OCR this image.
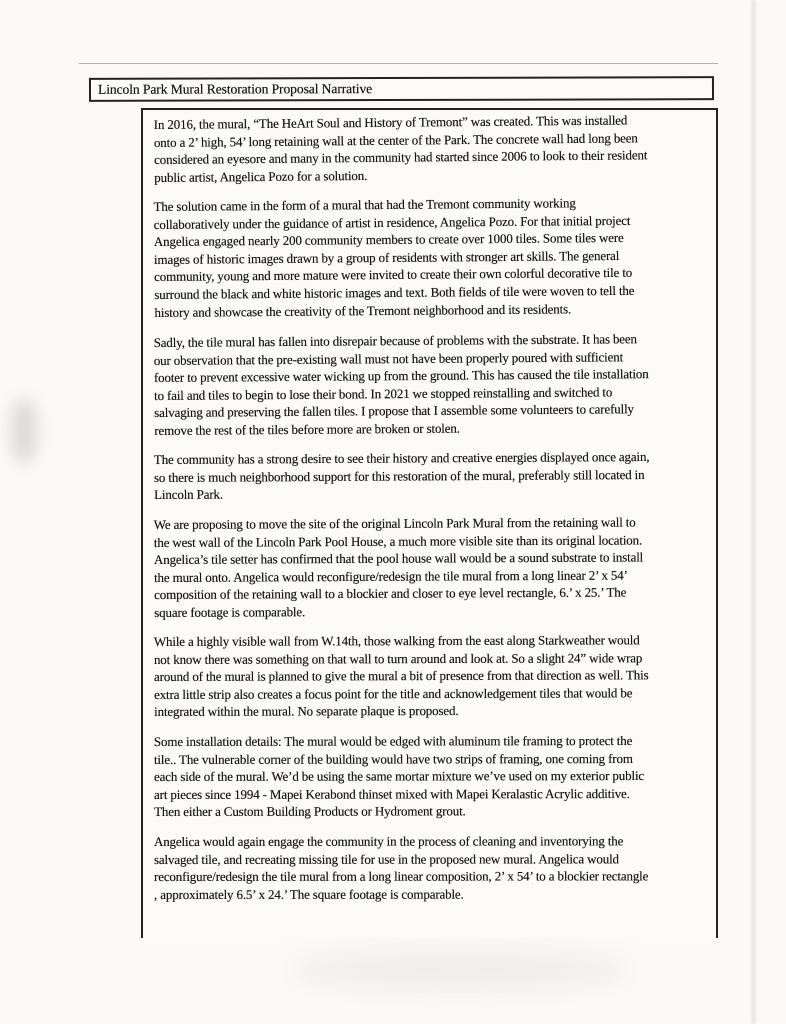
Lincoln Park Mural Restoration Proposal Narrative

In 2016, the mural, “The HeArt Soul and History of Tremont” was created. This was installed
onto a 2’ high, 54’ long retaining wall at the center of the Park. The concrete wall had long been
considered an eyesore and many in the community had started since 2006 to look to their resident
public artist, Angelica Pozo for a solution.

The solution came in the form of a mural that had the Tremont community working
collaboratively under the guidance of artist in residence, Angelica Pozo. For that initial project
Angelica engaged nearly 200 community members to create over 1000 tiles. Some tiles were
images of historic images drawn by a group of residents with stronger art skills. The general
community, young and more mature were invited to create their own colorful decorative tile to
surround the black and white historic images and text. Both fields of tile were woven to tell the
history and showcase the creativity of the Tremont neighborhood and its residents.

Sadly, the tile mural has fallen into disrepair because of problems with the substrate. It has been
our observation that the pre-existing wall must not have been properly poured with sufficient
footer to prevent excessive water wicking up from the ground. This has caused the tile installation
to fail and tiles to begin to lose their bond. In 2021 we stopped reinstalling and switched to
salvaging and preserving the fallen tiles. I propose that I assemble some volunteers to carefully
remove the rest of the tiles before more are broken or stolen.

The community has a strong desire to see their history and creative energies displayed once again,
so there is much neighborhood support for this restoration of the mural, preferably still located in
Lincoln Park.

We are proposing to move the site of the original Lincoln Park Mural from the retaining wall to
the west wall of the Lincoln Park Pool House, a much more visible site than its original location.
Angelica’s tile setter has confirmed that the pool house wall would be a sound substrate to install
the mural onto. Angelica would reconfigure/redesign the tile mural from a long linear 2’ x 54’
composition of the retaining wall to a blockier and closer to eye level rectangle, 6.’ x 25.’ The
square footage is comparable.

While a highly visible wall from W.14th, those walking from the east along Starkweather would
not know there was something on that wall to turn around and look at. So a slight 24” wide wrap
around of the mural is planned to give the mural a bit of presence from that direction as well. This
extra little strip also creates a focus point for the title and acknowledgement tiles that would be
integrated within the mural. No separate plaque is proposed.

Some installation details: The mural would be edged with aluminum tile framing to protect the
tile.. The vulnerable corner of the building would have two strips of framing, one coming from
each side of the mural. We’d be using the same mortar mixture we’ve used on my exterior public
art pieces since 1994 - Mapei Kerabond thinset mixed with Mapei Keralastic Acrylic additive.
Then either a Custom Building Products or Hydroment grout.

Angelica would again engage the community in the process of cleaning and inventorying the
salvaged tile, and recreating missing tile for use in the proposed new mural. Angelica would
reconfigure/redesign the tile mural from a long linear composition, 2’ x 54’ to a blockier rectangle
, approximately 6.5’ x 24.’ The square footage is comparable.
